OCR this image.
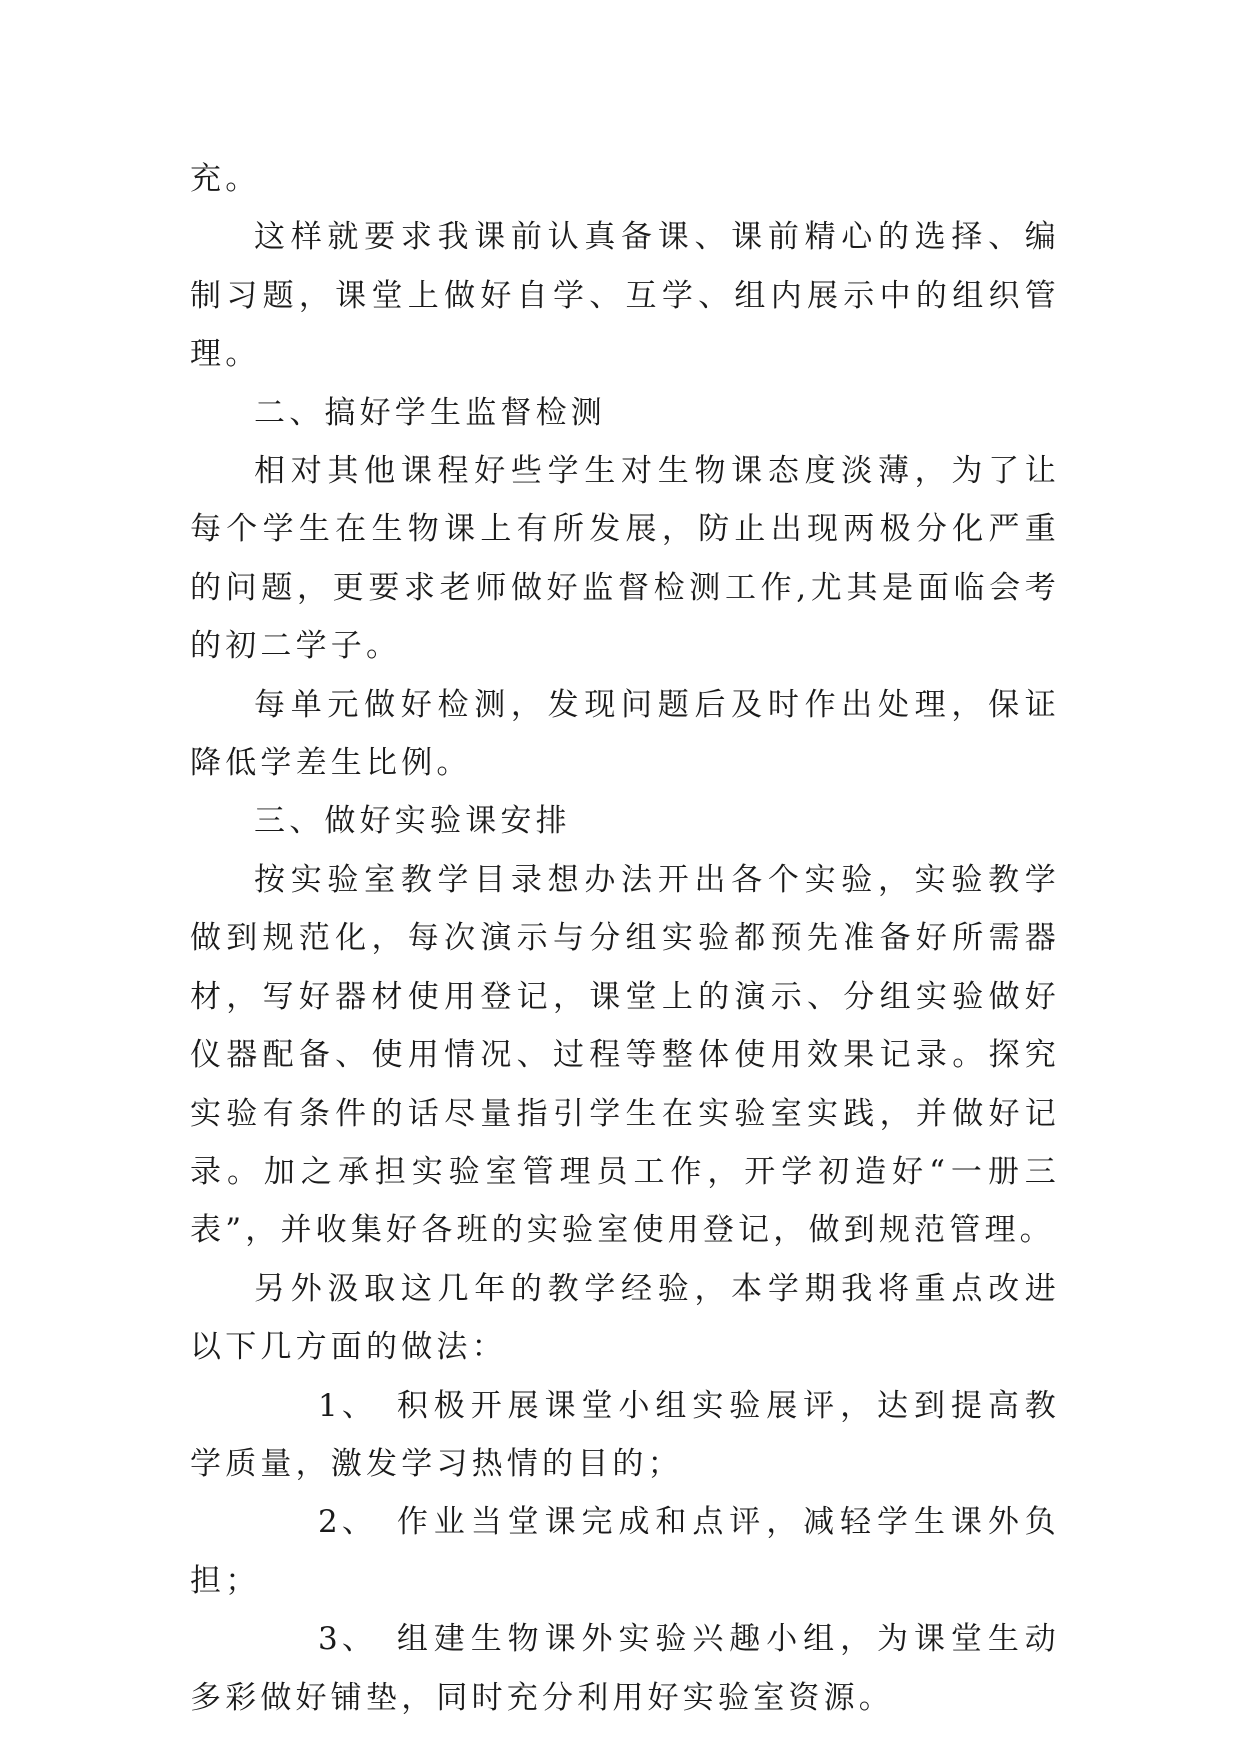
充。

这样就要求我课前认真备课、课前精心的选择、编制习题，课堂上做好自学、互学、组内展示中的组织管理。

二、搞好学生监督检测

相对其他课程好些学生对生物课态度淡薄，为了让每个学生在生物课上有所发展，防止出现两极分化严重的问题，更要求老师做好监督检测工作,尤其是面临会考的初二学子。

每单元做好检测，发现问题后及时作出处理，保证降低学差生比例。

三、做好实验课安排

按实验室教学目录想办法开出各个实验，实验教学做到规范化，每次演示与分组实验都预先准备好所需器材，写好器材使用登记，课堂上的演示、分组实验做好仪器配备、使用情况、过程等整体使用效果记录。探究实验有条件的话尽量指引学生在实验室实践，并做好记录。加之承担实验室管理员工作，开学初造好“一册三表”，并收集好各班的实验室使用登记，做到规范管理。

另外汲取这几年的教学经验，本学期我将重点改进以下几方面的做法：

1、 积极开展课堂小组实验展评，达到提高教学质量，激发学习热情的目的；

2、 作业当堂课完成和点评，减轻学生课外负担；

3、 组建生物课外实验兴趣小组，为课堂生动多彩做好铺垫，同时充分利用好实验室资源。
